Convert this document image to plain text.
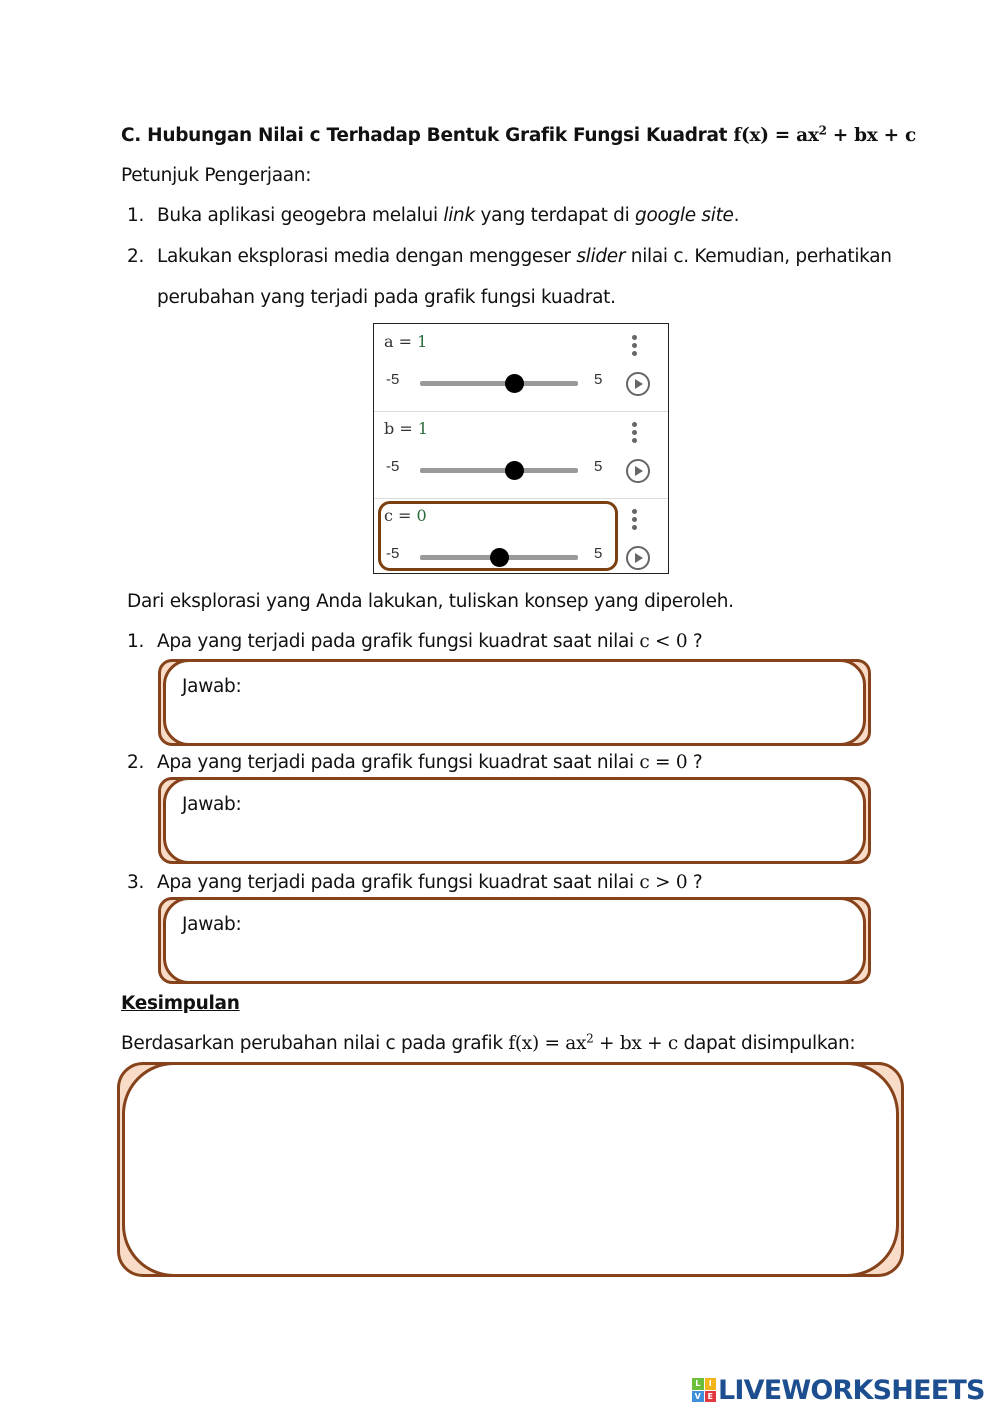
C. Hubungan Nilai c Terhadap Bentuk Grafik Fungsi Kuadrat $f(x) = ax^2$ + bx + c
Petunjuk Pengerjaan:
1. Buka aplikasi geogebra melalui link yang terdapat di google site.
2. Lakukan eksplorasi media dengan menggeser slider nilai c. Kemudian, perhatikan
perubahan yang terjadi pada grafik fungsi kuadrat.
a = 1
-5	5
b = 1
-5	5
c = 0
-5	5
Dari eksplorasi yang Anda lakukan, tuliskan konsep yang diperoleh.
1. Apa yang terjadi pada grafik fungsi kuadrat saat nilai c < 0 ?
Jawab:
2. Apa yang terjadi pada grafik fungsi kuadrat saat nilai c = 0 ?
Jawab:
3. Apa yang terjadi pada grafik fungsi kuadrat saat nilai c > 0 ?
Jawab:
Kesimpulan
Berdasarkan perubahan nilai c pada grafik $f(x) = ax^2$ + bx + c dapat disimpulkan:
L	I
V E LIVEWORKSHEETS
